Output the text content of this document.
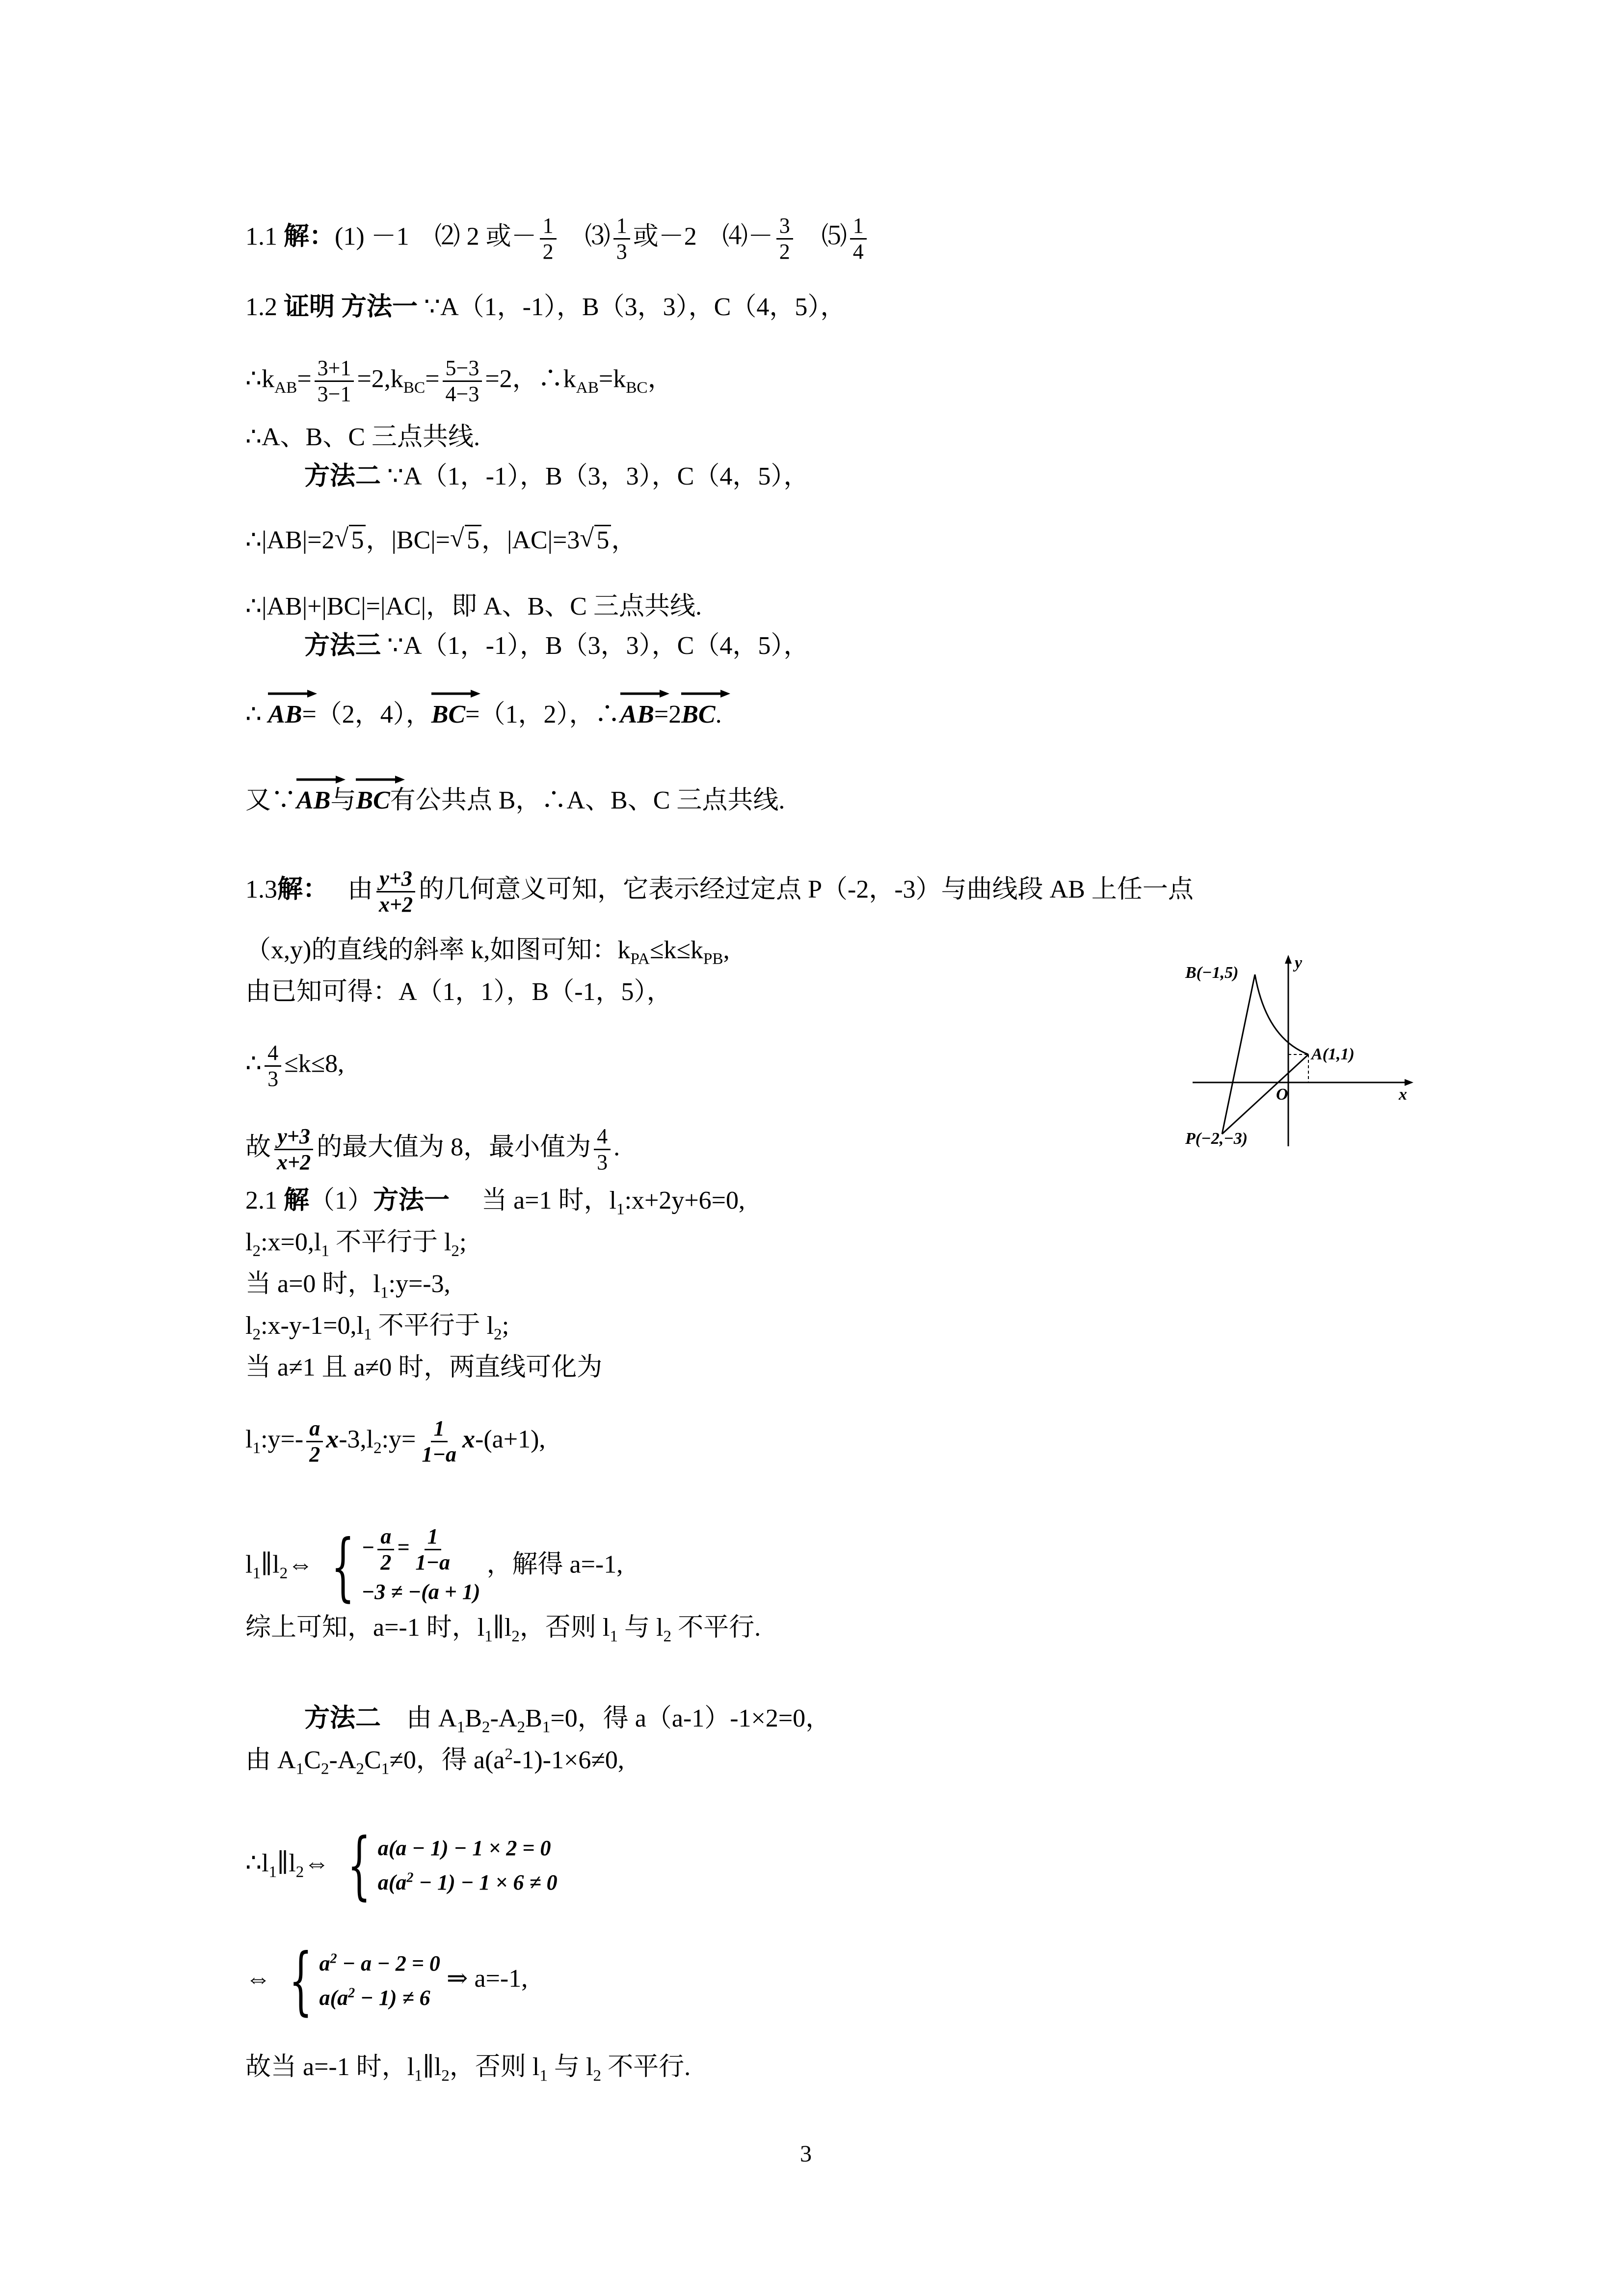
1.1 解：(1) －1　⑵ 2 或－ $\frac{1}{2}$
　 ⑶ $\frac{1}{3}$ 或－2　⑷－ $\frac{3}{2}$
　 ⑸ $\frac{1}{4}$
1.2 证明 方法一 ∵A（1，-1），B（3，3），C（4，5），
$\therefore k_{AB}= \frac{3+1}{3-1} =2,k_{BC}= \frac{5-3}{4-3} =2$，$\therefore k_{AB}=k_{BC}$，
∴A、B、C 三点共线.
方法二 ∵A（1，-1），B（3，3），C（4，5），
∴|AB|=2 √ 5，|BC|= √ 5，|AC|=3 √ 5，
∴|AB|+|BC|=|AC|，即 A、B、C 三点共线.
方法三 ∵A（1，-1），B（3，3），C（4，5），
∴ AB=（2，4），
BC=（1，2），∴
AB=2
BC.
又∵
AB与
BC有公共点 B，∴A、B、C 三点共线.
1.3解：　 由 $\frac{y+3}{x+2}$ 的几何意义可知，它表示经过定点 P（-2，-3）与曲线段 AB 上任一点
（x,y)的直线的斜率 k,如图可知：$k_{PA}\le k\le k_{PB}$,
由已知可得：A（1，1），B（-1，5），
∴ $\frac{4}{3} \le k\le 8$,
故 $\frac{y+3}{x+2}$ 的最大值为 8，最小值为 $\frac{4}{3}$ .
B(−1,5)
A(1,1)
P(−2,−3)
O	x
y
2.1 解（1）方法一　 当 a=1 时，$l_1:x+2y+6=0$,
$l_2:x=0,l_1$ 不平行于 $l_2$;
当 a=0 时，$l_1:y=-3$,
$l_2:x-y-1=0,l_1$ 不平行于 $l_2$;
当 a≠1 且 a≠0 时，两直线可化为
$l_1:y=- \frac{a}{2}$ $x-3,l_2:y= \frac{1}{1-a} x-(a+1)$,
$l_1\parallel l_2\Leftrightarrow$ { − $\frac{a}{2} = \frac{1}{1-a}$
−3 ≠ −(a + 1)
，解得 a=-1,
综上可知，a=-1 时，$l_1\parallel l_2$，否则 $l_1$ 与 $l_2$ 不平行.
方法二　 由 $A_1B_2-A_2B_1=0$，得 a（a-1）-1×2=0，
由 $A_1C_2-A_2C_1\ne 0$，得 $a(a^2-1)-1\times 6\ne 0$,
$\therefore l_1\parallel l_2\Leftrightarrow$ { a(a − 1) − 1 × 2 = 0
$a(a^2 - 1) - 1 \times 6 \ne 0$
⇔ { $a^2 - a - 2 = 0$
$a(a^2 - 1) \ne 6$
⇒ a=-1,
故当 a=-1 时，$l_1\parallel l_2$，否则 $l_1$ 与 $l_2$ 不平行.
3
